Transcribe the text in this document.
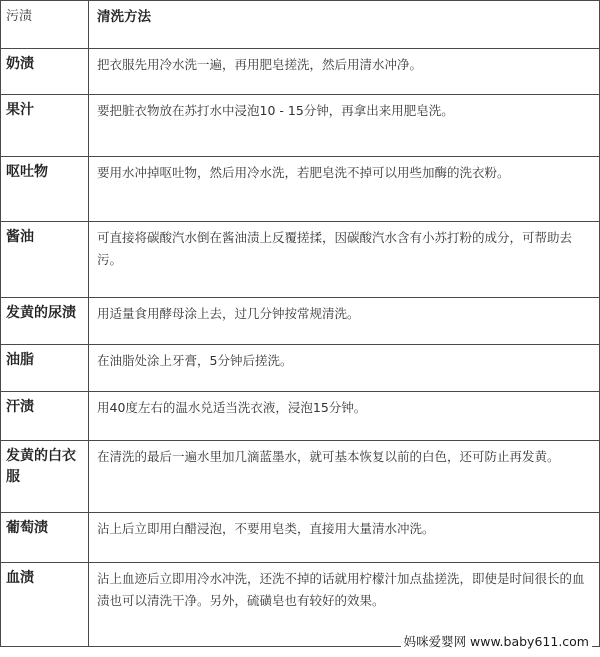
污渍	清洗方法

奶渍	把衣服先用冷水洗一遍，再用肥皂搓洗，然后用清水冲净。

果汁	要把脏衣物放在苏打水中浸泡10 - 15分钟，再拿出来用肥皂洗。

呕吐物	要用水冲掉呕吐物，然后用冷水洗，若肥皂洗不掉可以用些加酶的洗衣粉。

酱油	可直接将碳酸汽水倒在酱油渍上反覆搓揉，因碳酸汽水含有小苏打粉的成分，可帮助去污。

发黄的尿渍	用适量食用酵母涂上去，过几分钟按常规清洗。

油脂	在油脂处涂上牙膏，5分钟后搓洗。

汗渍	用40度左右的温水兑适当洗衣液，浸泡15分钟。

发黄的白衣服	在清洗的最后一遍水里加几滴蓝墨水，就可基本恢复以前的白色，还可防止再发黄。

葡萄渍	沾上后立即用白醋浸泡，不要用皂类，直接用大量清水冲洗。

血渍	沾上血迹后立即用冷水冲洗，还洗不掉的话就用柠檬汁加点盐搓洗，即使是时间很长的血渍也可以清洗干净。另外，硫磺皂也有较好的效果。
妈咪爱婴网 www.baby611.com
